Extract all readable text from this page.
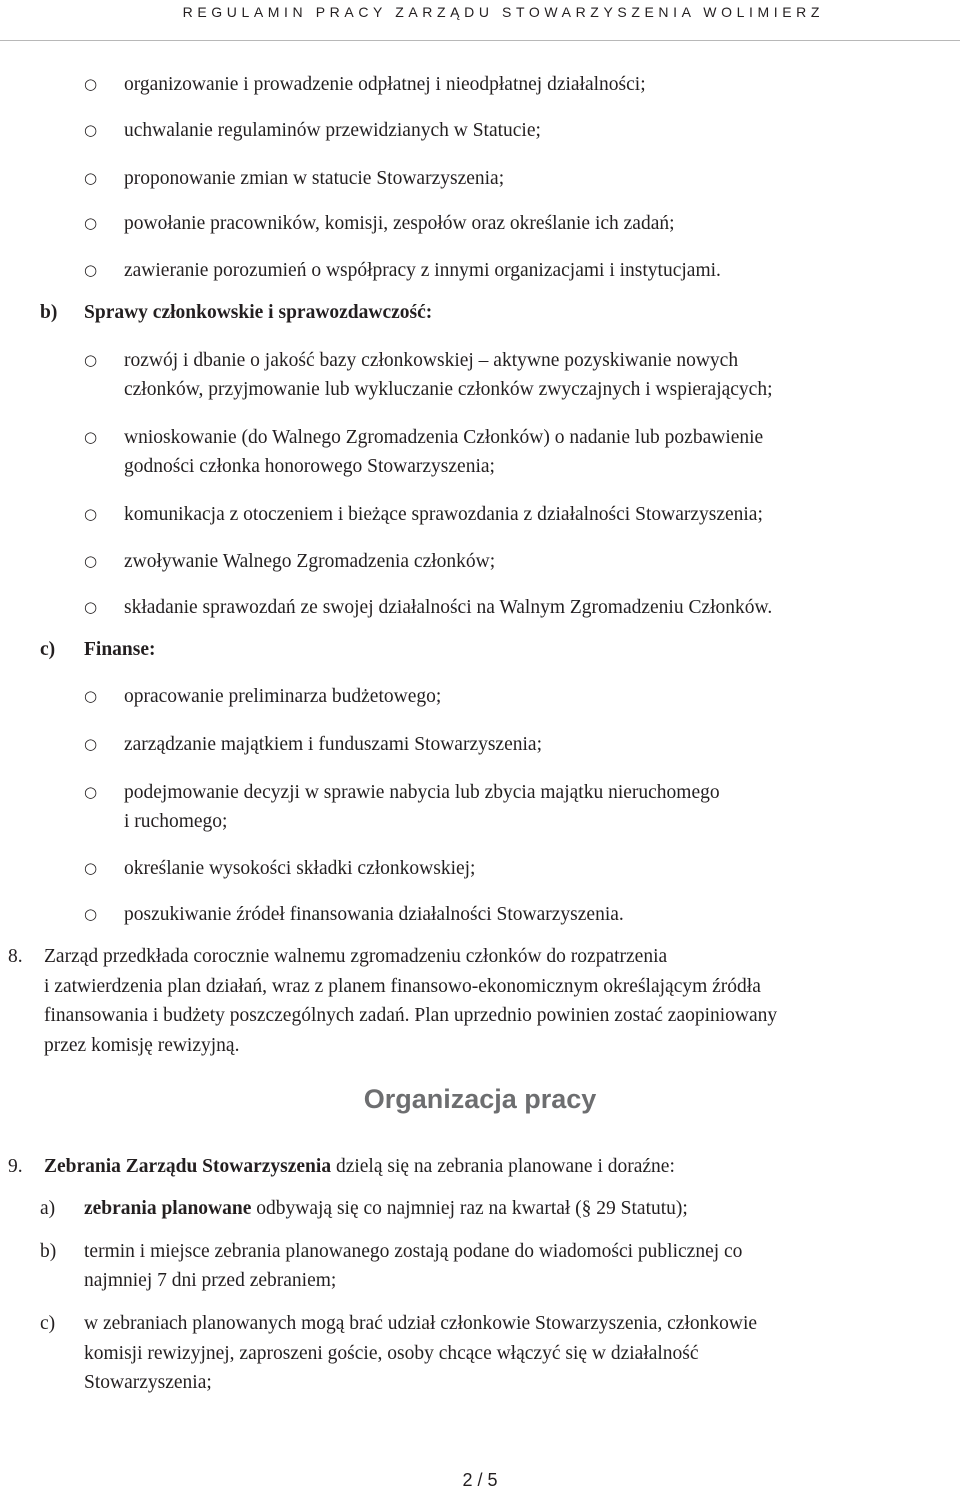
REGULAMIN PRACY ZARZĄDU STOWARZYSZENIA WOLIMIERZ
○ organizowanie i prowadzenie odpłatnej i nieodpłatnej działalności;
○ uchwalanie regulaminów przewidzianych w Statucie;
○ proponowanie zmian w statucie Stowarzyszenia;
○ powołanie pracowników, komisji, zespołów oraz określanie ich zadań;
○ zawieranie porozumień o współpracy z innymi organizacjami i instytucjami.
b) Sprawy członkowskie i sprawozdawczość:
○ rozwój i dbanie o jakość bazy członkowskiej – aktywne pozyskiwanie nowych
członków, przyjmowanie lub wykluczanie członków zwyczajnych i wspierających;
○ wnioskowanie (do Walnego Zgromadzenia Członków) o nadanie lub pozbawienie
godności członka honorowego Stowarzyszenia;
○ komunikacja z otoczeniem i bieżące sprawozdania z działalności Stowarzyszenia;
○ zwoływanie Walnego Zgromadzenia członków;
○ składanie sprawozdań ze swojej działalności na Walnym Zgromadzeniu Członków.
c) Finanse:
○ opracowanie preliminarza budżetowego;
○ zarządzanie majątkiem i funduszami Stowarzyszenia;
○ podejmowanie decyzji w sprawie nabycia lub zbycia majątku nieruchomego
i ruchomego;
○ określanie wysokości składki członkowskiej;
○ poszukiwanie źródeł finansowania działalności Stowarzyszenia.
8. Zarząd przedkłada corocznie walnemu zgromadzeniu członków do rozpatrzenia
i zatwierdzenia plan działań, wraz z planem finansowo-ekonomicznym określającym źródła
finansowania i budżety poszczególnych zadań. Plan uprzednio powinien zostać zaopiniowany
przez komisję rewizyjną.
Organizacja pracy
9. Zebrania Zarządu Stowarzyszenia dzielą się na zebrania planowane i doraźne:
a) zebrania planowane odbywają się co najmniej raz na kwartał (§ 29 Statutu);
b) termin i miejsce zebrania planowanego zostają podane do wiadomości publicznej co
najmniej 7 dni przed zebraniem;
c) w zebraniach planowanych mogą brać udział członkowie Stowarzyszenia, członkowie
komisji rewizyjnej, zaproszeni goście, osoby chcące włączyć się w działalność
Stowarzyszenia;
2 / 5
